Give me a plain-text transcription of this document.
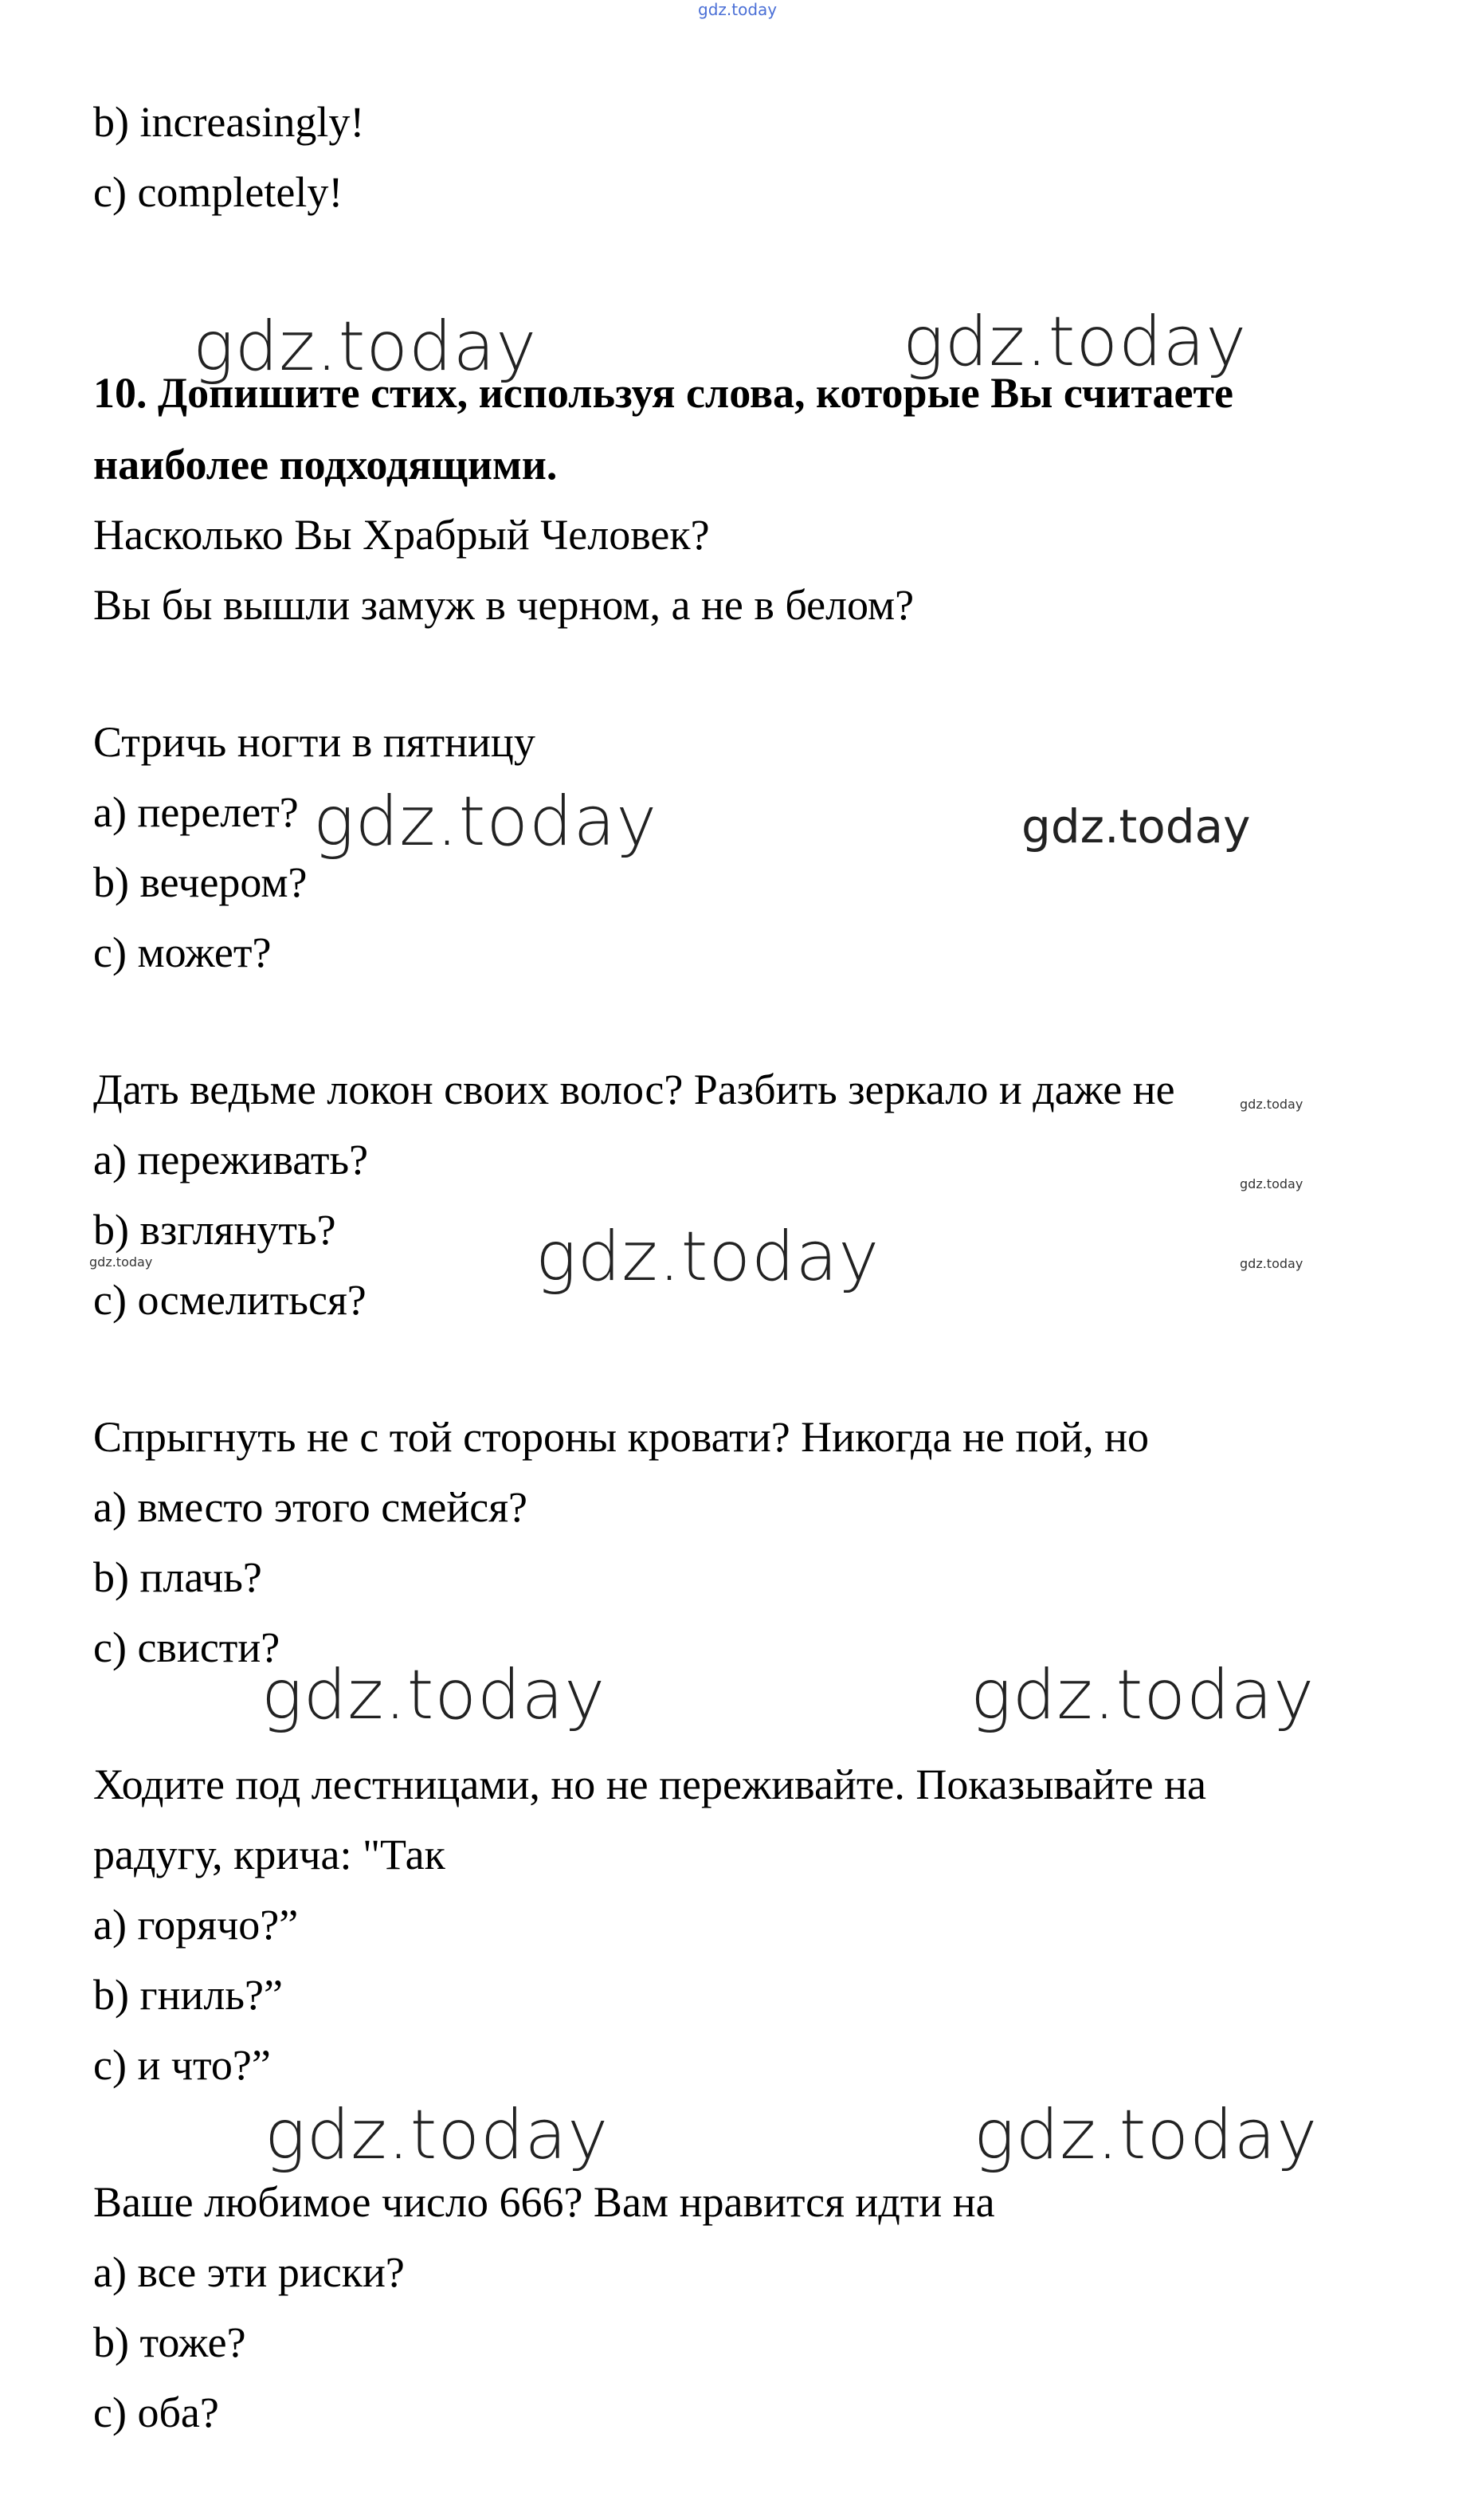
gdz.today
gdz.today	gdz.today
gdz.today	gdz.today
gdz.today
gdz.today
gdz.today	gdz.today
gdz.today
gdz.today	gdz.today
gdz.today	gdz.today
b) increasingly!
c) completely!
10. Допишите стих, используя слова, которые Вы считаете
наиболее подходящими.
Насколько Вы Храбрый Человек?
Вы бы вышли замуж в черном, а не в белом?
Стричь ногти в пятницу
a) перелет?
b) вечером?
c) может?
Дать ведьме локон своих волос? Разбить зеркало и даже не
a) переживать?
b) взглянуть?
c) осмелиться?
Спрыгнуть не с той стороны кровати? Никогда не пой, но
a) вместо этого смейся?
b) плачь?
c) свисти?
Ходите под лестницами, но не переживайте. Показывайте на
радугу, крича: "Так
a) горячо?”
b) гниль?”
c) и что?”
Ваше любимое число 666? Вам нравится идти на
a) все эти риски?
b) тоже?
c) оба?
